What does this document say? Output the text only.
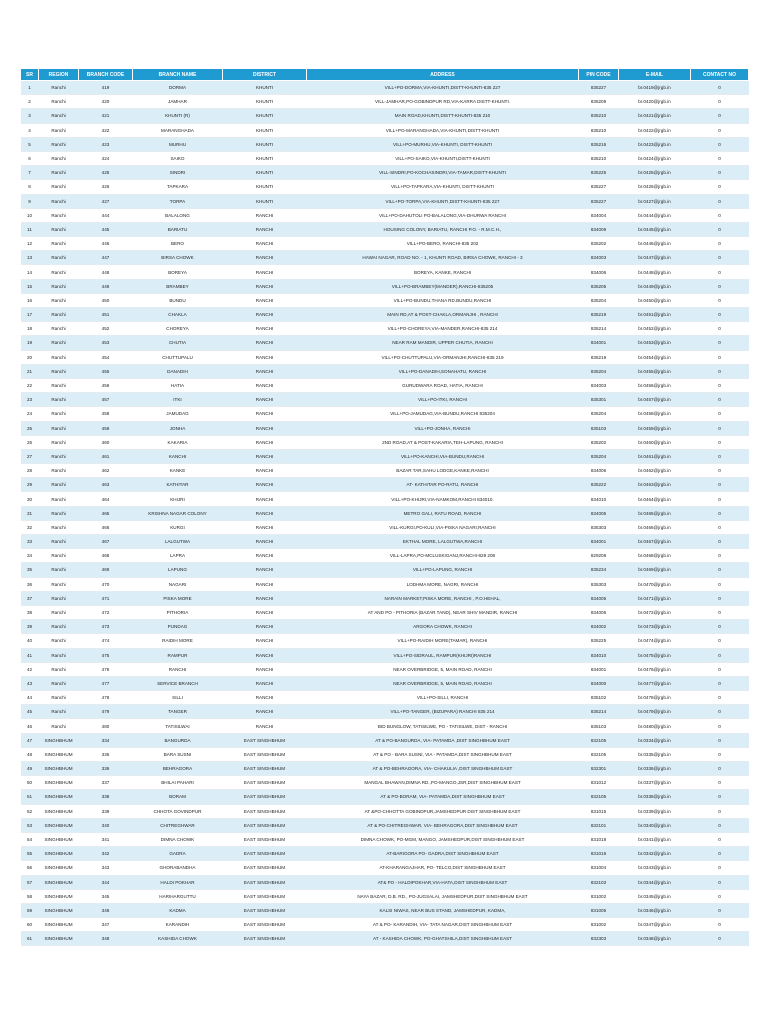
SR	REGION	BRANCH CODE	BRANCH NAME	DISTRICT	ADDRESS	PIN CODE	E-MAIL	CONTACT NO
1	Ranchi	419	DORMA	KHUNTI	VILL+PO-DORMA,VIA-KHUNTI,DISTT-KHUNTI-835 227	835227	br.0419@jrgb.in	0
2	Ranchi	420	JAMHAR	KHUNTI	VILL-JAMHAR,PO-GOBINDPUR RD,VIA-KARRA DISTT-KHUNTI.	835209	br.0420@jrgb.in	0
3	Ranchi	421	KHUNTI (R)	KHUNTI	MAIN ROAD,KHUNTI,DISTT-KHUNTI-835 210	835210	br.0421@jrgb.in	0
4	Ranchi	422	MARANGHADA	KHUNTI	VILL+PO-MARANGHADA,VIA-KHUNTI,DISTT-KHUNTI	835210	br.0422@jrgb.in	0
5	Ranchi	423	MURHU	KHUNTI	VILL+PO-MURHU,VIA-KHUNTI, DISTT-KHUNTI	835216	br.0423@jrgb.in	0
6	Ranchi	424	SAIKO	KHUNTI	VILL+PO-SAIKO,VIA-KHUNTI,DISTT-KHUNTI	835210	br.0424@jrgb.in	0
7	Ranchi	425	SINDRI	KHUNTI	VILL-SINDRI,PO-KOCHASINDRI,VIA-TAMAR,DISTT-KHUNTI	835225	br.0425@jrgb.in	0
8	Ranchi	426	TAPKARA	KHUNTI	VILL+PO-TAPKARA,VIA-KHUNTI, DISTT-KHUNTI	835227	br.0426@jrgb.in	0
9	Ranchi	427	TORPA	KHUNTI	VILL+PO-TORPA,VIA-KHUNTI,DISTT-KHUNTI-835 227	835227	br.0427@jrgb.in	0
10	Ranchi	444	BALALONG	RANCHI	VILL+PO-DAHUTOLI PO-BALALONG,VIA-DHURWA RANCHI	834004	br.0444@jrgb.in	0
11	Ranchi	445	BARIATU	RANCHI	HOUSING COLONY, BARIATU, RANCHI P.O. - R.M.C.H.,	834009	br.0445@jrgb.in	0
12	Ranchi	446	BERO	RANCHI	VILL+PO-BERO, RANCHI-835 202	835202	br.0446@jrgb.in	0
13	Ranchi	447	BIRSA CHOWK	RANCHI	HAWAI NAGAR, ROAD NO. - 1, KHUNTI ROAD, BIRSA CHOWK, RANCHI - 3	834003	br.0447@jrgb.in	0
14	Ranchi	448	BOREYA	RANCHI	BOREYA, KANKE, RANCHI	834006	br.0448@jrgb.in	0
15	Ranchi	449	BRAMBEY	RANCHI	VILL+PO-BRAMBEY(MANDER),RANCHI-835205	835205	br.0449@jrgb.in	0
16	Ranchi	450	BUNDU	RANCHI	VILL+PO-BUNDU,THANA RD.BUNDU,RANCHI	835204	br.0450@jrgb.in	0
17	Ranchi	451	CHAKLA	RANCHI	MAIN RD,AT & POST-CHAKLA,ORMANJHI , RANCHI	835219	br.0451@jrgb.in	0
18	Ranchi	452	CHOREYA	RANCHI	VILL+PO-CHOREYA,VIA-MANDER,RANCHI-835 214	835214	br.0452@jrgb.in	0
19	Ranchi	453	CHUTIA	RANCHI	NEAR RAM MANDIR, UPPER CHUTIA, RANCHI	834001	br.0453@jrgb.in	0
20	Ranchi	454	CHUTTUPALU	RANCHI	VILL+PO-CHUTTUPALU,VIA-ORMANJHI,RANCHI-835 219	835219	br.0454@jrgb.in	0
21	Ranchi	455	DANADIH	RANCHI	VILL+PO-DANADIH,SONAHATU, RANCHI	835204	br.0455@jrgb.in	0
22	Ranchi	456	HATIA	RANCHI	GURUDWARA ROAD, HATIA, RANCHI	834003	br.0456@jrgb.in	0
23	Ranchi	457	ITKI	RANCHI	VILL+PO-ITKI, RANCHI	835301	br.0457@jrgb.in	0
24	Ranchi	458	JAMUDAG	RANCHI	VILL+PO-JAMUDAG,VIA-BUNDU,RANCHI 835204	835204	br.0458@jrgb.in	0
25	Ranchi	459	JONHA	RANCHI	VILL+PO-JONHA, RANCHI	835103	br.0459@jrgb.in	0
26	Ranchi	460	KAKARIA	RANCHI	2ND ROAD,AT & POST-KAKARIA,TEH-LAPUNG, RANCHI	835202	br.0460@jrgb.in	0
27	Ranchi	461	KANCHI	RANCHI	VILL+PO-KANCHI,VIA-BUNDU,RANCHI	835204	br.0461@jrgb.in	0
28	Ranchi	462	KANKE	RANCHI	BAZAR TAR,SAHU LODGE,KANKE,RANCHI	834006	br.0462@jrgb.in	0
29	Ranchi	463	KATHITAR	RANCHI	AT- KATHITAR PO-RATU, RANCHI	835222	br.0463@jrgb.in	0
30	Ranchi	464	KHIJRI	RANCHI	VILL+PO-KHIJRI,VIA-NAMKOM,RANCHI 834010.	834010	br.0464@jrgb.in	0
31	Ranchi	465	KRISHNA NAGAR COLONY	RANCHI	METRO GALI, RATU ROAD, RANCHI	834005	br.0465@jrgb.in	0
32	Ranchi	466	KURGI	RANCHI	VILL-KURGI,PO-KULI,VIA-PISKA NAGARI,RANCHI	835303	br.0466@jrgb.in	0
33	Ranchi	467	LALGUTWA	RANCHI	EKTHAL MORE, LALGUTWA,RANCHI	834001	br.0467@jrgb.in	0
34	Ranchi	468	LAPRA	RANCHI	VILL-LAPRA,PO-MCLUSKIGANJ,RANCHI-829 208	829208	br.0468@jrgb.in	0
35	Ranchi	469	LAPUNG	RANCHI	VILL+PO-LAPUNG, RANCHI	835234	br.0469@jrgb.in	0
36	Ranchi	470	NAGARI	RANCHI	LODHMA MORE, NAGRI, RANCHI	835303	br.0470@jrgb.in	0
37	Ranchi	471	PISKA MORE	RANCHI	NARAIN MARKET,PISKA MORE, RANCHI , P.O.HEHAL,	834005	br.0471@jrgb.in	0
38	Ranchi	472	PITHORIA	RANCHI	AT AND PO - PITHORIA (BAZAR TAND), NEAR SHIV MANDIR, RANCHI	834006	br.0472@jrgb.in	0
39	Ranchi	473	PUNDAG	RANCHI	ARGORA CHOWK, RANCHI	834002	br.0473@jrgb.in	0
40	Ranchi	474	RAIDIH MORE	RANCHI	VILL+PO-RAIDIH MORE(TAMAR), RANCHI	835225	br.0474@jrgb.in	0
41	Ranchi	475	RAMPUR	RANCHI	VILL+PO-SIDRAUL, RAMPUR(KHIJRI)RANCHI	834010	br.0475@jrgb.in	0
42	Ranchi	476	RANCHI	RANCHI	NEAR OVERBRIDGE, 5, MAIN ROAD, RANCHI	834001	br.0476@jrgb.in	0
43	Ranchi	477	SERVICE BRANCH	RANCHI	NEAR OVERBRIDGE, 5, MAIN ROAD, RANCHI	834000	br.0477@jrgb.in	0
44	Ranchi	478	SILLI	RANCHI	VILL+PO-SILLI, RANCHI	835102	br.0478@jrgb.in	0
45	Ranchi	479	TANGER	RANCHI	VILL+PO-TANGER, (BIZUPARA) RANCHI 835 214	835214	br.0479@jrgb.in	0
46	Ranchi	480	TATISILWAI	RANCHI	BID BUNGLOW, TATISILWE, PO - TATISILWE, DIST - RANCHI	835103	br.0480@jrgb.in	0
47	SINGHBHUM	334	BANGURDA	EAST SINGHBHUM	AT & PO-BANGURDA, VIA- PATAMDA ,DIST SINGHBHUM EAST	832105	br.0334@jrgb.in	0
48	SINGHBHUM	335	BARA SUSNI	EAST SINGHBHUM	AT & PO - BARA SUSNI, VIA - PATAMDA,DIST SINGHBHUM EAST	832105	br.0335@jrgb.in	0
49	SINGHBHUM	336	BEHRAGORA	EAST SINGHBHUM	AT & PO-BEHRAGORA, VIA- CHAKULIA ,DIST SINGHBHUM EAST	832301	br.0336@jrgb.in	0
50	SINGHBHUM	337	BHILAI PAHARI	EAST SINGHBHUM	MANGAL BHAWAN,DIMNA RD.,PO-MANGO,JSR,DIST SINGHBHUM EAST	831012	br.0337@jrgb.in	0
51	SINGHBHUM	338	BORAM	EAST SINGHBHUM	AT & PO-BORAM, VIA- PATAMDA,DIST SINGHBHUM EAST	832105	br.0338@jrgb.in	0
52	SINGHBHUM	339	CHHOTA GOVINDPUR	EAST SINGHBHUM	AT &PO-CHHOTTA GOBINDPUR,JAMSHEDPUR DIST SINGHBHUM EAST	831015	br.0339@jrgb.in	0
53	SINGHBHUM	340	CHITREGHWAR	EAST SINGHBHUM	AT & PO-CHITREGHWAR, VIA- BEHRAGORA,DIST SINGHBHUM EAST	832101	br.0340@jrgb.in	0
54	SINGHBHUM	341	DIMNA CHOWK	EAST SINGHBHUM	DIMNA CHOWK, PO-MGM, MANGO, JAMSHEDPUR,DIST SINGHBHUM EAST	831018	br.0341@jrgb.in	0
55	SINGHBHUM	342	GADRA	EAST SINGHBHUM	AT-BARIGORA PO- GADRA,DIST SINGHBHUM EAST	831016	br.0342@jrgb.in	0
56	SINGHBHUM	343	GHORABANDHA	EAST SINGHBHUM	AT-KHARANGAJHAR, PO- TELCO,DIST SINGHBHUM EAST	831004	br.0343@jrgb.in	0
57	SINGHBHUM	344	HALDI POKHAR	EAST SINGHBHUM	AT& PO - HALDIPOKHAR,VIA-HATA,DIST SINGHBHUM EAST	832103	br.0344@jrgb.in	0
58	SINGHBHUM	345	HARIHARGUTTU	EAST SINGHBHUM	NAYA BAZAR, D.B. RD., PO-JUGSALAI, JAMSHEDPUR,DIST SINGHBHUM EAST	831002	br.0345@jrgb.in	0
59	SINGHBHUM	346	KADMA	EAST SINGHBHUM	KALSI NIWAS, NEAR BUS STAND, JAMSHEDPUR, KADMA,	831005	br.0346@jrgb.in	0
60	SINGHBHUM	347	KARANDIH	EAST SINGHBHUM	AT & PO- KARANDIH, VIA- TATA NAGAR,DIST SINGHBHUM EAST	831002	br.0347@jrgb.in	0
61	SINGHBHUM	348	KASHIDA CHOWK	EAST SINGHBHUM	AT - KASHIDA CHOWK, PO-GHATSHILA,DIST SINGHBHUM EAST	832303	br.0348@jrgb.in	0
